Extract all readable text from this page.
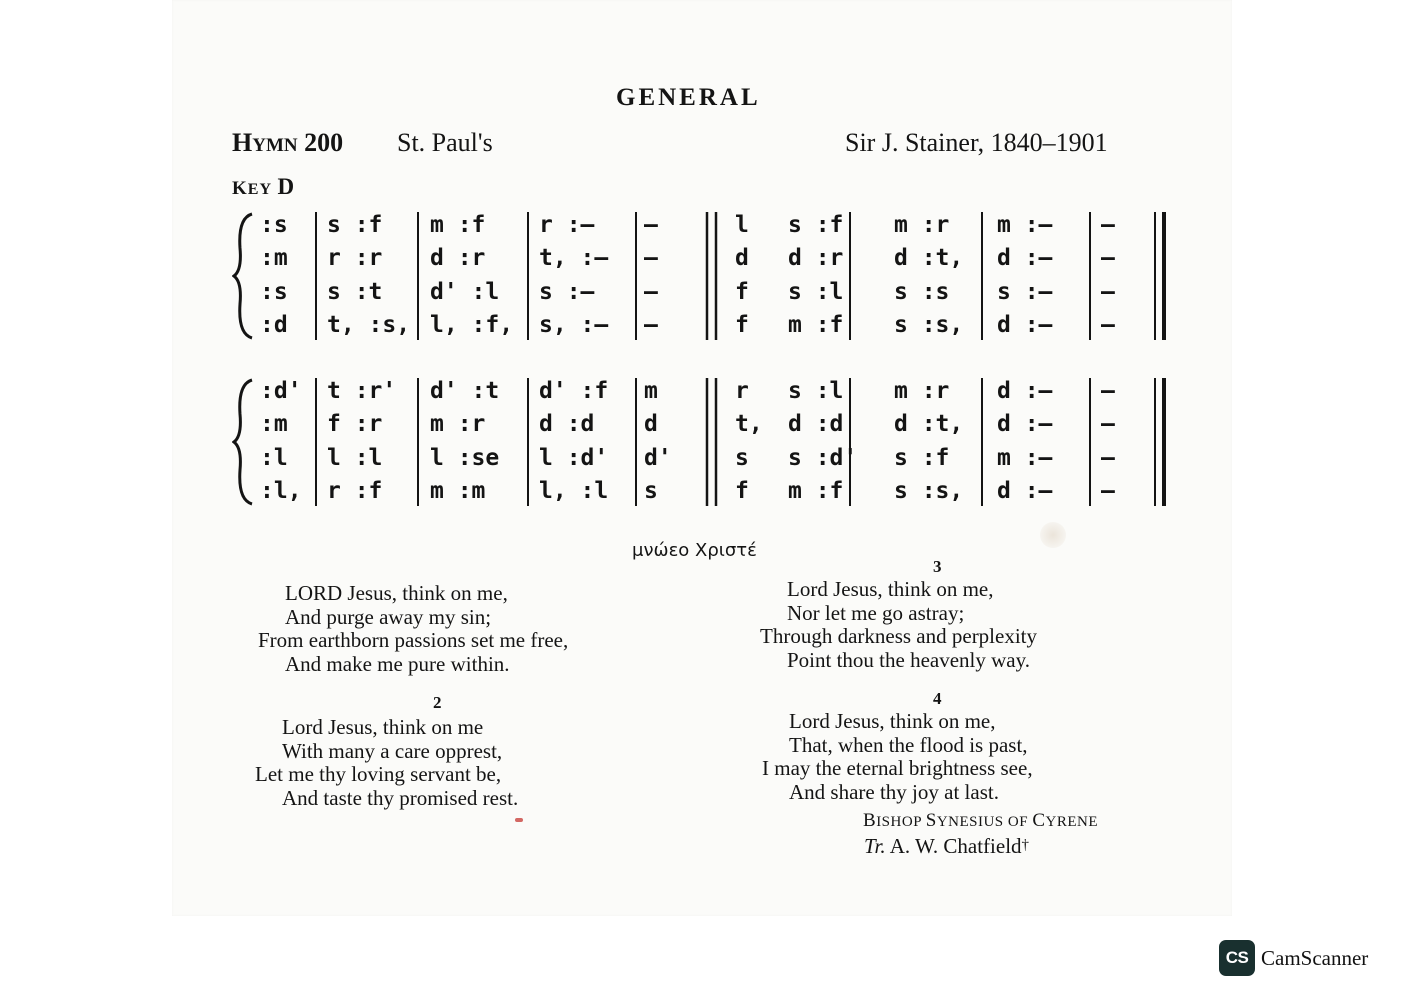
GENERAL
HYMN 200 St. Paul's	Sir J. Stainer, 1840–1901
KEY D
:s s :f m :f r :— —	l s :f m :r m :— —
:m r :r d :r t, :— —	d d :r d :t, d :— —
:s s :t d' :l s :— —	f s :l s :s s :— —
:d t, :s, l, :f, s, :— —	f m :f s :s, d :— —
:d' t :r' d' :t d' :f m	r s :l m :r d :— —
:m f :r m :r d :d d	t, d :d d :t, d :— —
:l l :l l :se l :d' d'	s s :d' s :f m :— —
:l, r :f m :m l, :l s	f m :f s :s, d :— —
μνώεο Χριστέ
LORD Jesus, think on me,
And purge away my sin;
From earthborn passions set me free,
And make me pure within.
2
Lord Jesus, think on me
With many a care opprest,
Let me thy loving servant be,
And taste thy promised rest.
3
Lord Jesus, think on me,
Nor let me go astray;
Through darkness and perplexity
Point thou the heavenly way.
4
Lord Jesus, think on me,
That, when the flood is past,
I may the eternal brightness see,
And share thy joy at last.
BISHOP SYNESIUS OF CYRENE
Tr. A. W. Chatfield†
CS CamScanner
